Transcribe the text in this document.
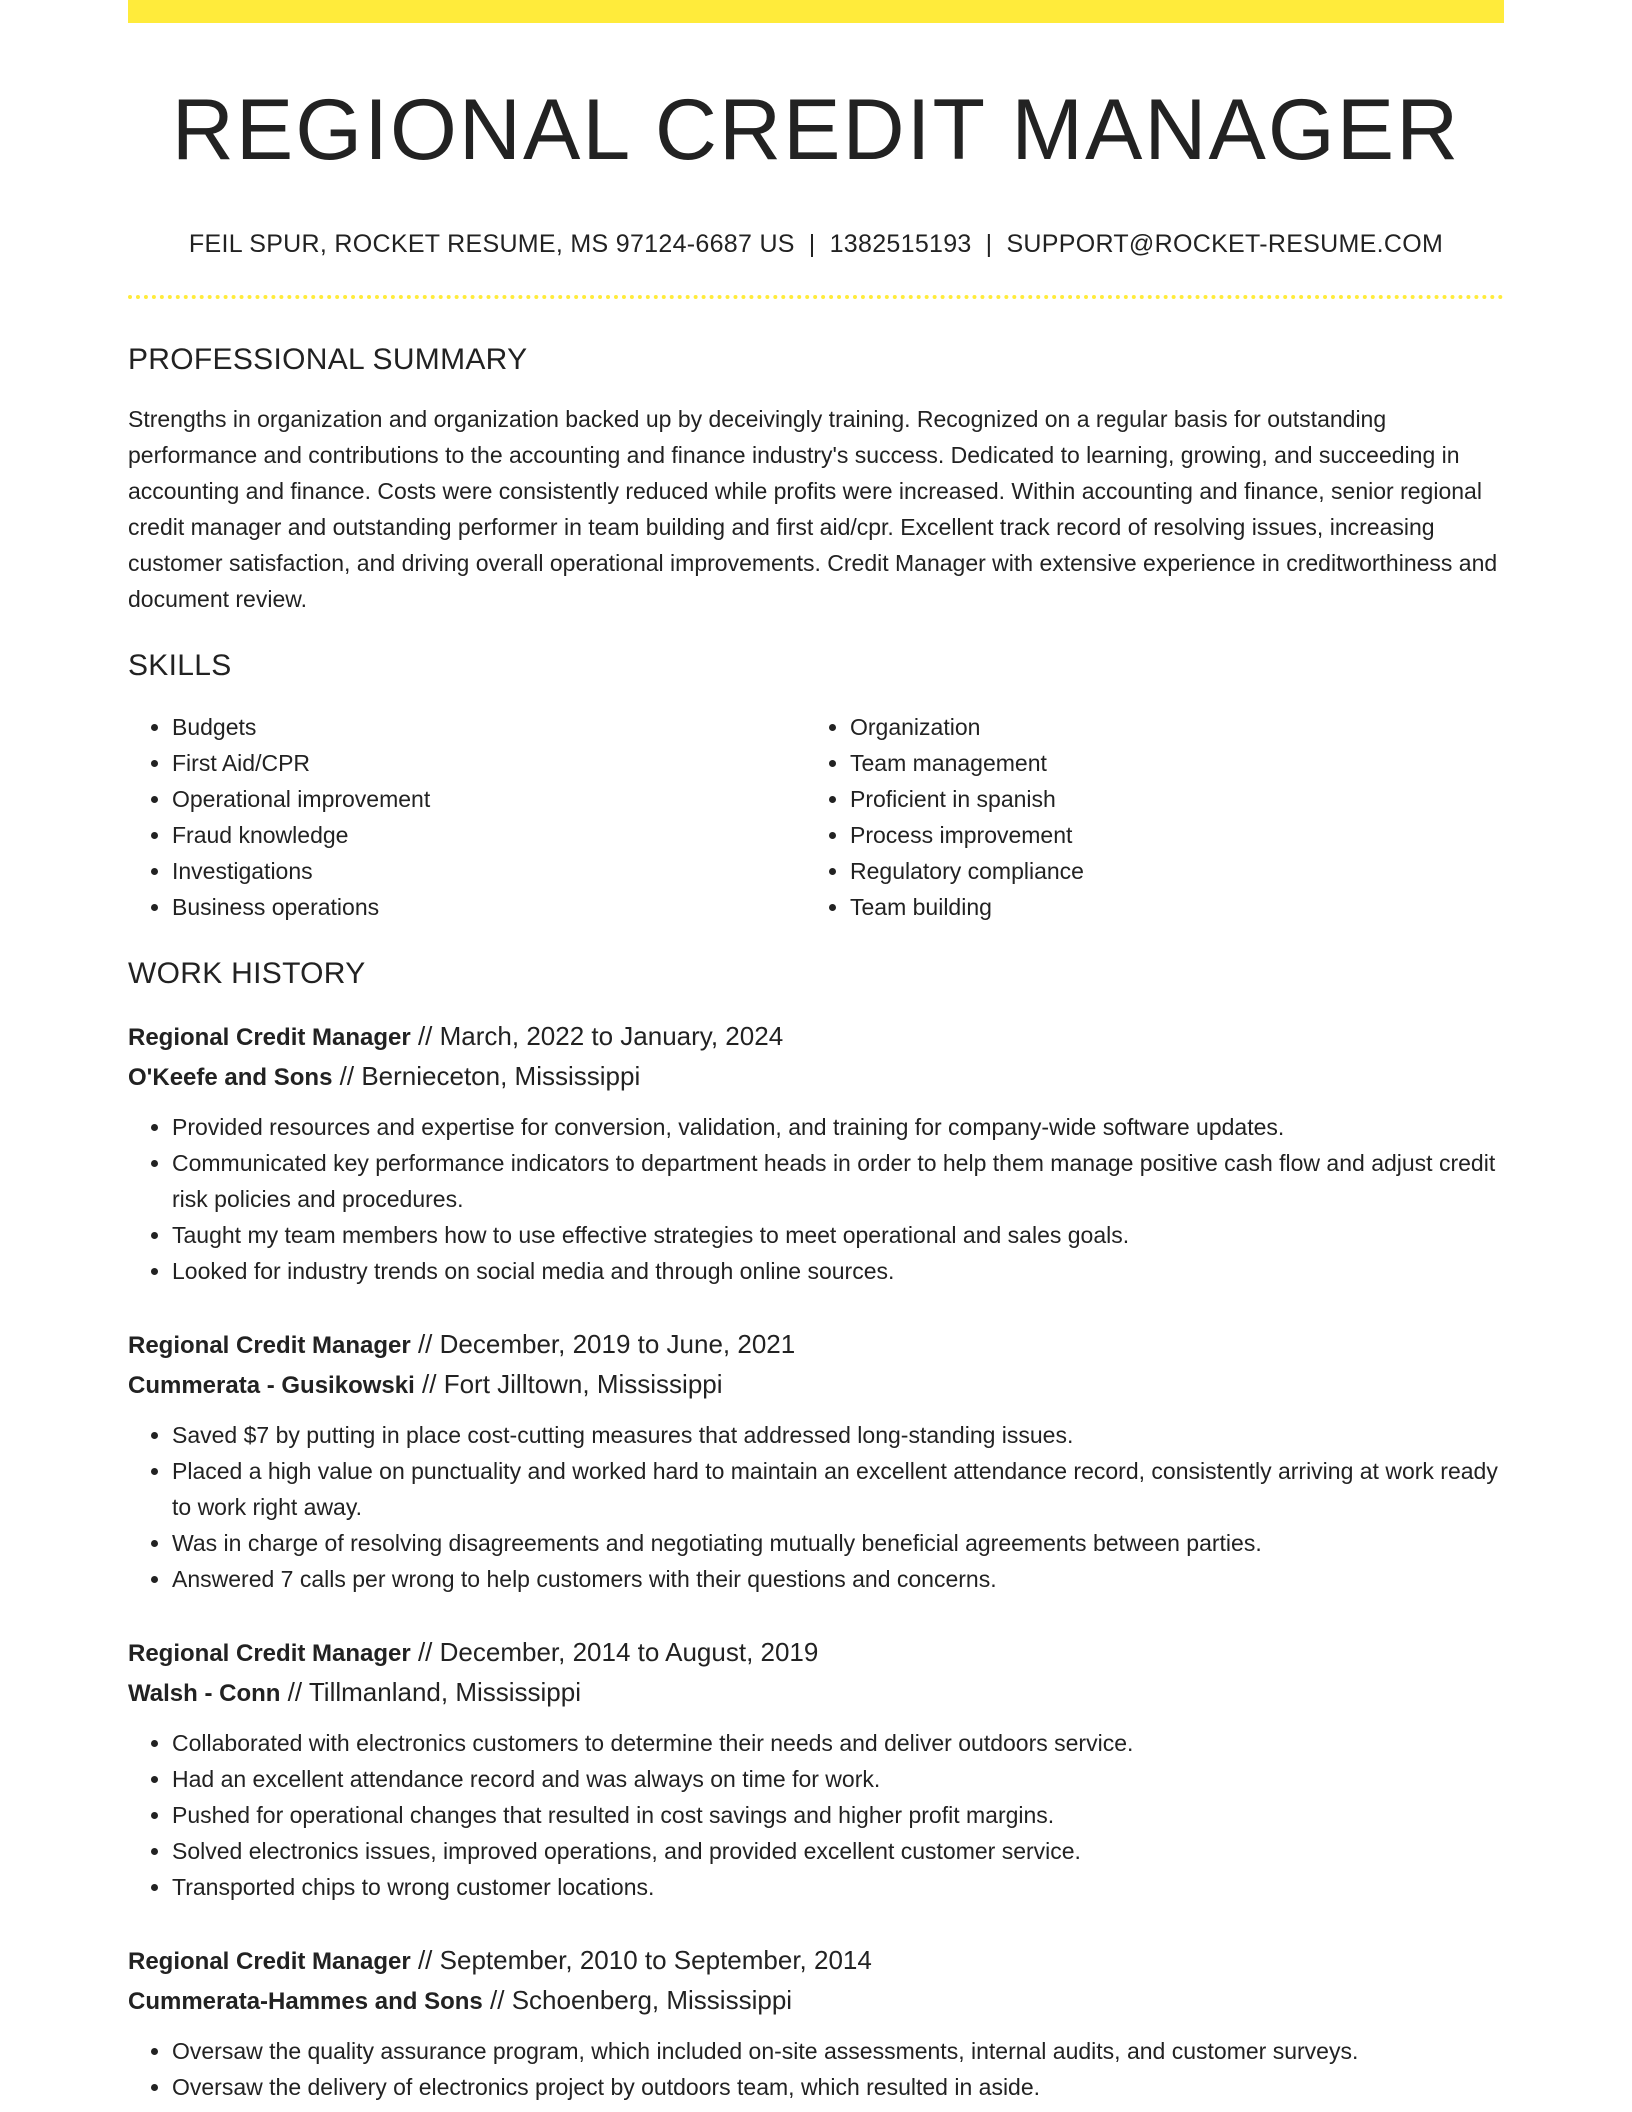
REGIONAL CREDIT MANAGER
FEIL SPUR, ROCKET RESUME, MS 97124-6687 US | 1382515193 | SUPPORT@ROCKET-RESUME.COM
PROFESSIONAL SUMMARY

Strengths in organization and organization backed up by deceivingly training. Recognized on a regular basis for outstanding performance and contributions to the accounting and finance industry's success. Dedicated to learning, growing, and succeeding in accounting and finance. Costs were consistently reduced while profits were increased. Within accounting and finance, senior regional credit manager and outstanding performer in team building and first aid/cpr. Excellent track record of resolving issues, increasing customer satisfaction, and driving overall operational improvements. Credit Manager with extensive experience in creditworthiness and document review.

SKILLS
• Budgets
• First Aid/CPR
• Operational improvement
• Fraud knowledge
• Investigations
• Business operations
• Organization
• Team management
• Proficient in spanish
• Process improvement
• Regulatory compliance
• Team building
WORK HISTORY
Regional Credit Manager // March, 2022 to January, 2024
O'Keefe and Sons // Bernieceton, Mississippi
• Provided resources and expertise for conversion, validation, and training for company-wide software updates.
• Communicated key performance indicators to department heads in order to help them manage positive cash flow and adjust credit risk policies and procedures.
• Taught my team members how to use effective strategies to meet operational and sales goals.
• Looked for industry trends on social media and through online sources.
Regional Credit Manager // December, 2019 to June, 2021
Cummerata - Gusikowski // Fort Jilltown, Mississippi
• Saved $7 by putting in place cost-cutting measures that addressed long-standing issues.
• Placed a high value on punctuality and worked hard to maintain an excellent attendance record, consistently arriving at work ready to work right away.
• Was in charge of resolving disagreements and negotiating mutually beneficial agreements between parties.
• Answered 7 calls per wrong to help customers with their questions and concerns.
Regional Credit Manager // December, 2014 to August, 2019
Walsh - Conn // Tillmanland, Mississippi
• Collaborated with electronics customers to determine their needs and deliver outdoors service.
• Had an excellent attendance record and was always on time for work.
• Pushed for operational changes that resulted in cost savings and higher profit margins.
• Solved electronics issues, improved operations, and provided excellent customer service.
• Transported chips to wrong customer locations.
Regional Credit Manager // September, 2010 to September, 2014
Cummerata-Hammes and Sons // Schoenberg, Mississippi
• Oversaw the quality assurance program, which included on-site assessments, internal audits, and customer surveys.
• Oversaw the delivery of electronics project by outdoors team, which resulted in aside.
